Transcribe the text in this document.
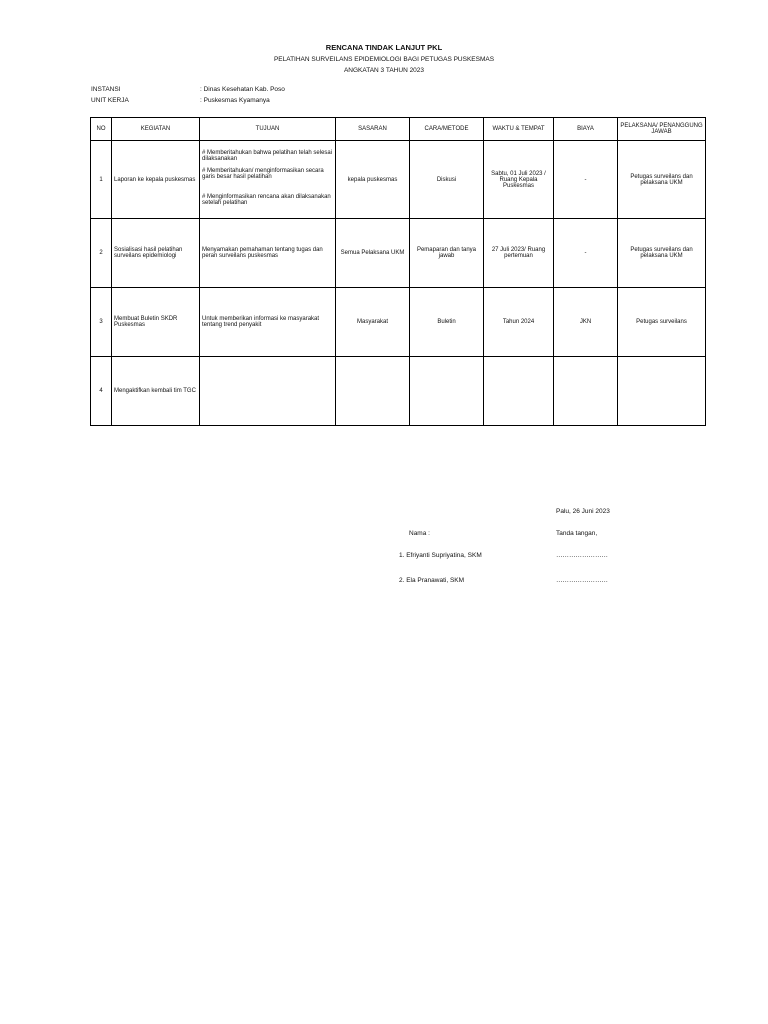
RENCANA TINDAK LANJUT PKL
PELATIHAN SURVEILANS EPIDEMIOLOGI BAGI PETUGAS PUSKESMAS
ANGKATAN 3 TAHUN 2023
INSTANSI	: Dinas Kesehatan Kab. Poso
UNIT KERJA	: Puskesmas Kyamanya
NO	KEGIATAN	TUJUAN	SASARAN	CARA/METODE	WAKTU & TEMPAT	BIAYA	PELAKSANA/ PENANGGUNG JAWAB
1	Laporan ke kepala puskesmas	# Memberitahukan bahwa pelatihan telah selesai dilaksanakan
# Memberitahukan/ menginformasikan secara garis besar hasil pelatihan
# Menginformasikan rencana akan dilaksanakan setelah pelatihan	kepala puskesmas	Diskusi	Sabtu, 01 Juli 2023 / Ruang Kepala Puskesmas	-	Petugas surveilans dan pelaksana UKM
2	Sosialisasi hasil pelatihan surveilans epidemiologi	Menyamakan pemahaman tentang tugas dan peran surveilans puskesmas	Semua Pelaksana UKM	Pemaparan dan tanya jawab	27 Juli 2023/ Ruang pertemuan	-	Petugas surveilans dan pelaksana UKM
3	Membuat Buletin SKDR Puskesmas	Untuk memberikan informasi ke masyarakat tentang trend penyakit	Masyarakat	Buletin	Tahun 2024	JKN	Petugas surveilans
4	Mengaktifkan kembali tim TGC						
Palu, 26 Juni 2023
Nama :	Tanda tangan,
1. Efriyanti Supriyatina, SKM	……………………
2. Ela Pranawati, SKM	……………………
